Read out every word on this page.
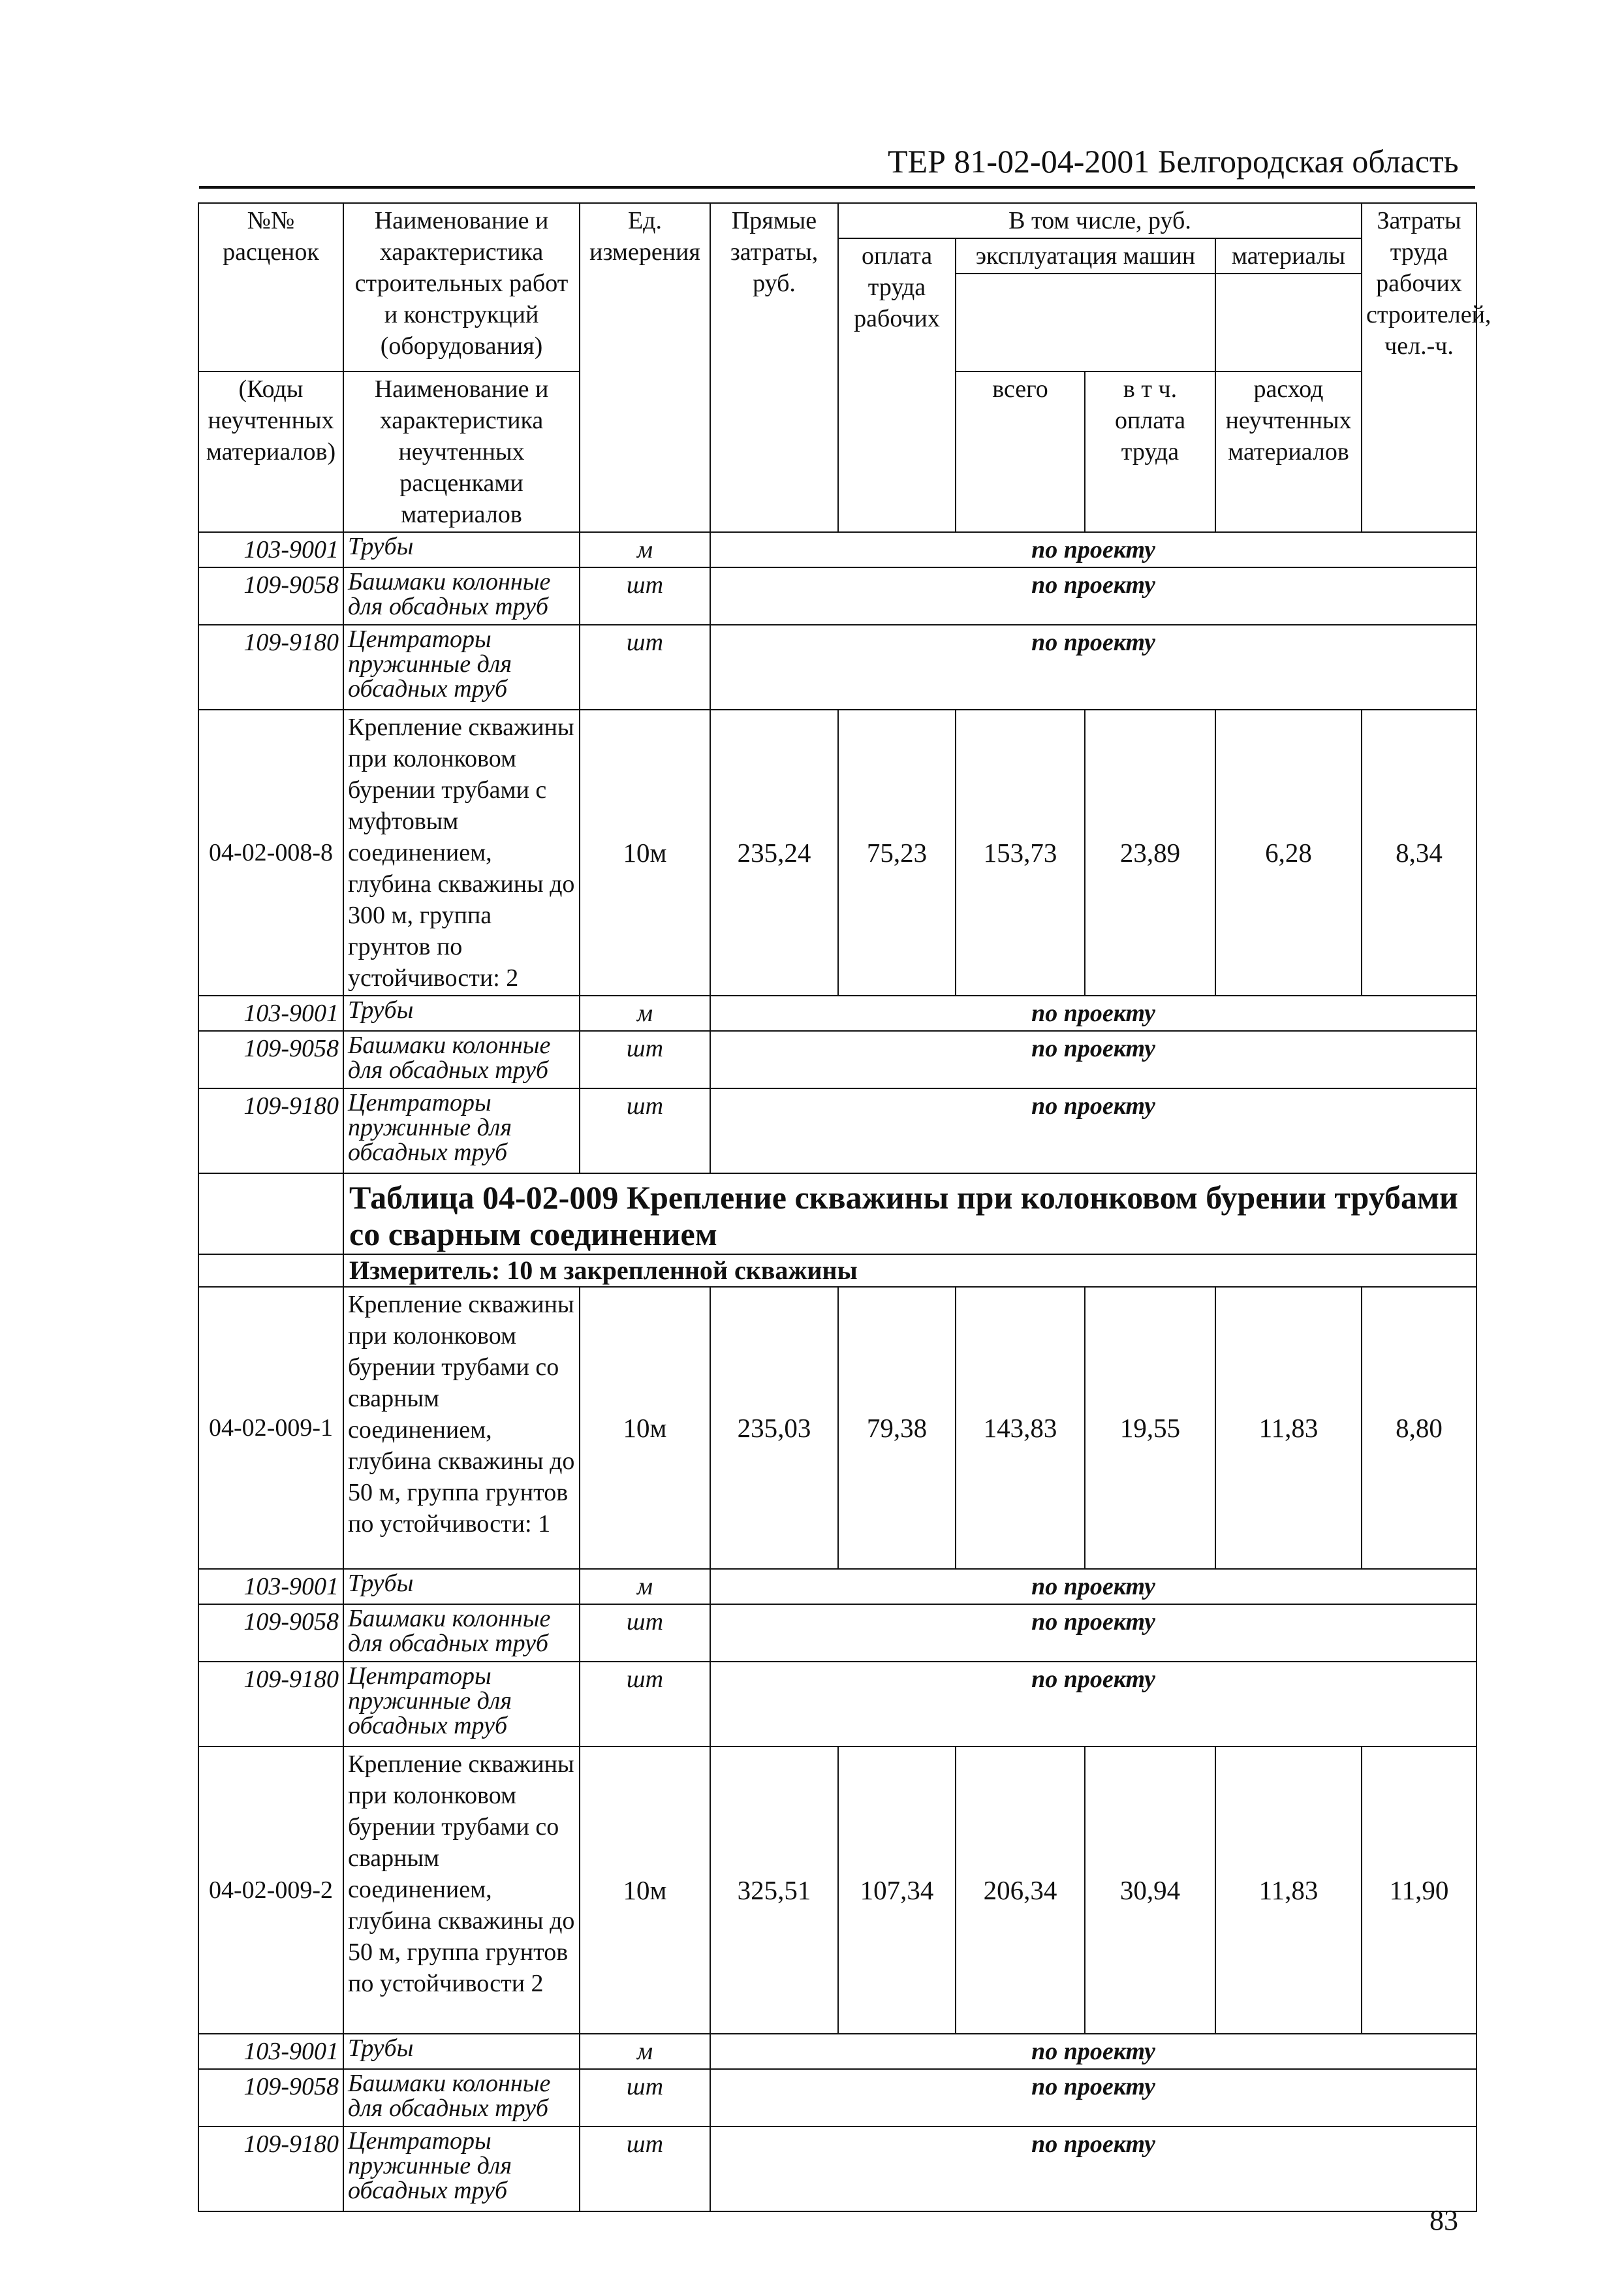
ТЕР 81-02-04-2001 Белгородская область
№№ расценок	Наименование и характеристика строительных работ и конструкций (оборудования)	Ед. измерения	Прямые затраты, руб.	В том числе, руб.				Затраты труда рабочих строителей, чел.-ч.
				оплата труда рабочих	эксплуатация машин		материалы	

(Коды неучтенных материалов)	Наименование и характеристика неучтенных расценками материалов				всего	в т ч. оплата труда	расход неучтенных материалов	

103-9001	Трубы	м	по проекту					
109-9058	Башмаки колонные для обсадных труб	шт	по проекту					
109-9180	Центраторы пружинные для обсадных труб	шт	по проекту					
04-02-008-8	Крепление скважины при колонковом бурении трубами с муфтовым соединением, глубина скважины до 300 м, группа грунтов по устойчивости: 2	10м	235,24	75,23	153,73	23,89	6,28	8,34
103-9001	Трубы	м	по проекту					
109-9058	Башмаки колонные для обсадных труб	шт	по проекту					
109-9180	Центраторы пружинные для обсадных труб	шт	по проекту					
	Таблица 04-02-009 Крепление скважины при колонковом бурении трубами со сварным соединением							
	Измеритель: 10 м закрепленной скважины							
04-02-009-1	Крепление скважины при колонковом бурении трубами со сварным соединением, глубина скважины до 50 м, группа грунтов по устойчивости: 1	10м	235,03	79,38	143,83	19,55	11,83	8,80
103-9001	Трубы	м	по проекту					
109-9058	Башмаки колонные для обсадных труб	шт	по проекту					
109-9180	Центраторы пружинные для обсадных труб	шт	по проекту					
04-02-009-2	Крепление скважины при колонковом бурении трубами со сварным соединением, глубина скважины до 50 м, группа грунтов по устойчивости 2	10м	325,51	107,34	206,34	30,94	11,83	11,90
103-9001	Трубы	м	по проекту					
109-9058	Башмаки колонные для обсадных труб	шт	по проекту					
109-9180	Центраторы пружинные для обсадных труб	шт	по проекту					
83
